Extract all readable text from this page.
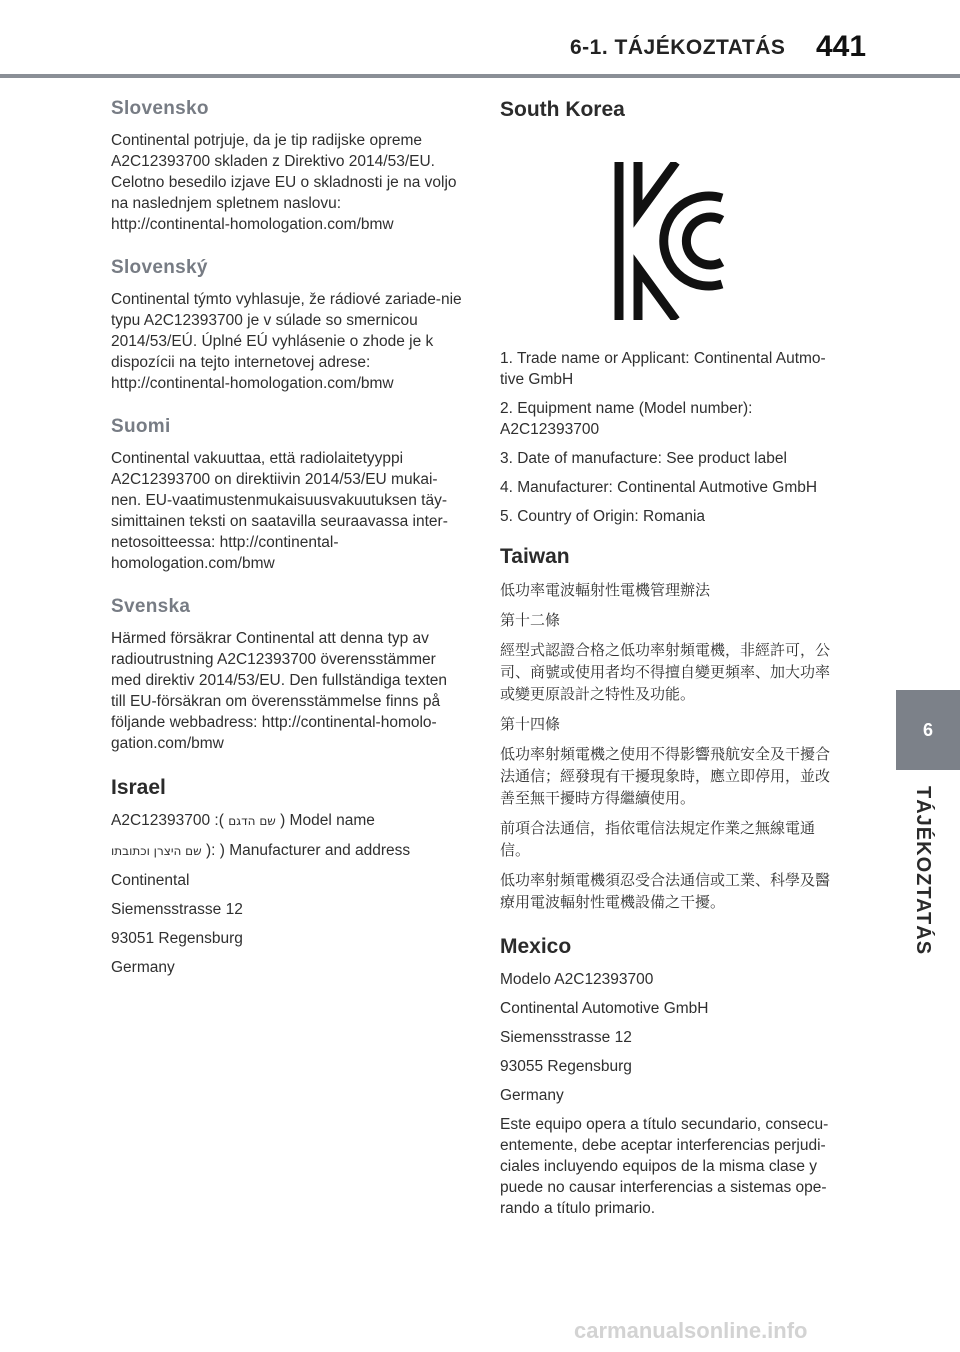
6-1. TÁJÉKOZTATÁS	441
Slovensko

Continental potrjuje, da je tip radijske opreme A2C12393700 skladen z Direktivo 2014/53/EU. Celotno besedilo izjave EU o skladnosti je na voljo na naslednjem spletnem naslovu: http://continental-homologation.com/bmw

Slovenský

Continental týmto vyhlasuje, že rádiové zariade-nie typu A2C12393700 je v súlade so smernicou 2014/53/EÚ. Úplné EÚ vyhlásenie o zhode je k dispozícii na tejto internetovej adrese: http://continental-homologation.com/bmw

Suomi

Continental vakuuttaa, että radiolaitetyyppi A2C12393700 on direktiivin 2014/53/EU mukai-nen. EU-vaatimustenmukaisuusvakuutuksen täy-simittainen teksti on saatavilla seuraavassa inter-netosoitteessa: http://continental-homologation.com/bmw

Svenska

Härmed försäkrar Continental att denna typ av radioutrustning A2C12393700 överensstämmer med direktiv 2014/53/EU. Den fullständiga texten till EU-försäkran om överensstämmelse finns på följande webbadress: http://continental-homolo-gation.com/bmw

Israel

A2C12393700 :( שם הדגם ) Model name

שם היצרן וכתובתו ): ) Manufacturer and address

Continental

Siemensstrasse 12

93051 Regensburg

Germany

South Korea

1. Trade name or Applicant: Continental Autmo-tive GmbH

2. Equipment name (Model number): A2C12393700

3. Date of manufacture: See product label

4. Manufacturer: Continental Autmotive GmbH

5. Country of Origin: Romania

Taiwan

低功率電波輻射性電機管理辦法

第十二條

經型式認證合格之低功率射頻電機，非經許可，公司、商號或使用者均不得擅自變更頻率、加大功率或變更原設計之特性及功能。

第十四條

低功率射頻電機之使用不得影響飛航安全及干擾合法通信；經發現有干擾現象時，應立即停用，並改善至無干擾時方得繼續使用。

前項合法通信，指依電信法規定作業之無線電通信。

低功率射頻電機須忍受合法通信或工業、科學及醫療用電波輻射性電機設備之干擾。

Mexico

Modelo A2C12393700

Continental Automotive GmbH

Siemensstrasse 12

93055 Regensburg

Germany

Este equipo opera a título secundario, consecu-entemente, debe aceptar interferencias perjudi-ciales incluyendo equipos de la misma clase y puede no causar interferencias a sistemas ope-rando a título primario.

6
TÁJÉKOZTATÁS
carmanualsonline.info
